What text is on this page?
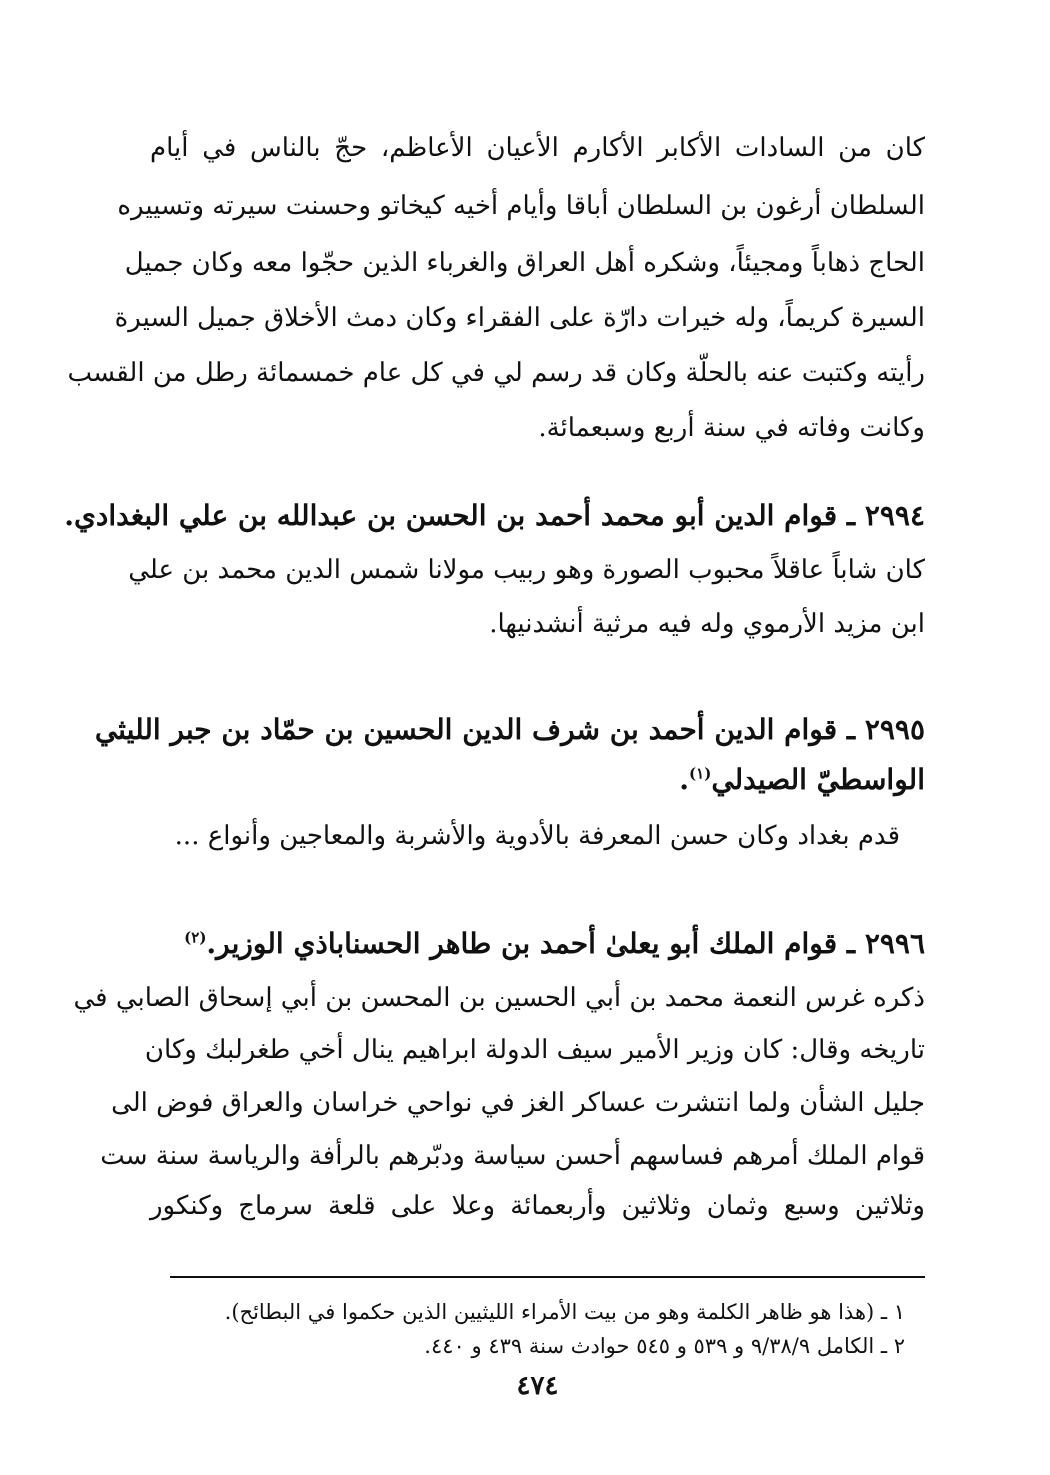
كان من السادات الأكابر الأكارم الأعيان الأعاظم، حجّ بالناس في أيام
السلطان أرغون بن السلطان أباقا وأيام أخيه كيخاتو وحسنت سيرته وتسييره
الحاج ذهاباً ومجيئاً، وشكره أهل العراق والغرباء الذين حجّوا معه وكان جميل
السيرة كريماً، وله خيرات دارّة على الفقراء وكان دمث الأخلاق جميل السيرة
رأيته وكتبت عنه بالحلّة وكان قد رسم لي في كل عام خمسمائة رطل من القسب
وكانت وفاته في سنة أربع وسبعمائة.
٢٩٩٤ ـ قوام الدين أبو محمد أحمد بن الحسن بن عبدالله بن علي البغدادي.
كان شاباً عاقلاً محبوب الصورة وهو ربيب مولانا شمس الدين محمد بن علي
ابن مزيد الأرموي وله فيه مرثية أنشدنيها.
٢٩٩٥ ـ قوام الدين أحمد بن شرف الدين الحسين بن حمّاد بن جبر الليثي
الواسطيّ الصيدلي$^{(١)}$.
قدم بغداد وكان حسن المعرفة بالأدوية والأشربة والمعاجين وأنواع ...
٢٩٩٦ ـ قوام الملك أبو يعلىٰ أحمد بن طاهر الحسناباذي الوزير.$^{(٢)}$
ذكره غرس النعمة محمد بن أبي الحسين بن المحسن بن أبي إسحاق الصابي في
تاريخه وقال: كان وزير الأمير سيف الدولة ابراهيم ينال أخي طغرلبك وكان
جليل الشأن ولما انتشرت عساكر الغز في نواحي خراسان والعراق فوض الى
قوام الملك أمرهم فساسهم أحسن سياسة ودبّرهم بالرأفة والرياسة سنة ست
وثلاثين وسبع وثمان وثلاثين وأربعمائة وعلا على قلعة سرماج وكنكور
١ ـ (هذا هو ظاهر الكلمة وهو من بيت الأمراء الليثيين الذين حكموا في البطائح).
٢ ـ الكامل ٩/٣٨/٩ و ٥٣٩ و ٥٤٥ حوادث سنة ٤٣٩ و ٤٤٠.
٤٧٤
